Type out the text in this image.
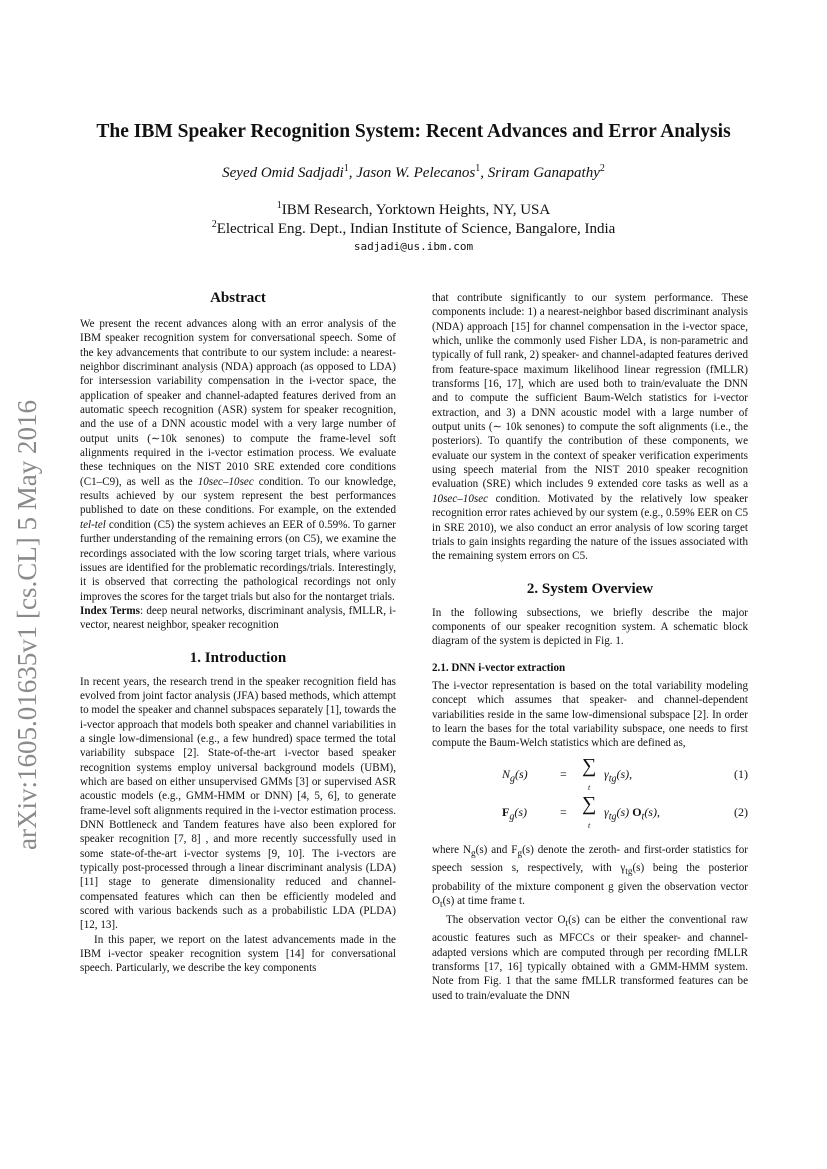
arXiv:1605.01635v1 [cs.CL] 5 May 2016
The IBM Speaker Recognition System: Recent Advances and Error Analysis
Seyed Omid Sadjadi$^1$, Jason W. Pelecanos$^1$, Sriram Ganapathy$^2$
$^1$IBM Research, Yorktown Heights, NY, USA
$^2$Electrical Eng. Dept., Indian Institute of Science, Bangalore, India
sadjadi@us.ibm.com
Abstract

We present the recent advances along with an error analysis of the IBM speaker recognition system for conversational speech. Some of the key advancements that contribute to our system include: a nearest-neighbor discriminant analysis (NDA) approach (as opposed to LDA) for intersession variability compensation in the i-vector space, the application of speaker and channel-adapted features derived from an automatic speech recognition (ASR) system for speaker recognition, and the use of a DNN acoustic model with a very large number of output units (∼10k senones) to compute the frame-level soft alignments required in the i-vector estimation process. We evaluate these techniques on the NIST 2010 SRE extended core conditions (C1–C9), as well as the 10sec–10sec condition. To our knowledge, results achieved by our system represent the best performances published to date on these conditions. For example, on the extended tel-tel condition (C5) the system achieves an EER of 0.59%. To garner further understanding of the remaining errors (on C5), we examine the recordings associated with the low scoring target trials, where various issues are identified for the problematic recordings/trials. Interestingly, it is observed that correcting the pathological recordings not only improves the scores for the target trials but also for the nontarget trials.

Index Terms: deep neural networks, discriminant analysis, fMLLR, i-vector, nearest neighbor, speaker recognition

1. Introduction

In recent years, the research trend in the speaker recognition field has evolved from joint factor analysis (JFA) based methods, which attempt to model the speaker and channel subspaces separately [1], towards the i-vector approach that models both speaker and channel variabilities in a single low-dimensional (e.g., a few hundred) space termed the total variability subspace [2]. State-of-the-art i-vector based speaker recognition systems employ universal background models (UBM), which are based on either unsupervised GMMs [3] or supervised ASR acoustic models (e.g., GMM-HMM or DNN) [4, 5, 6], to generate frame-level soft alignments required in the i-vector estimation process. DNN Bottleneck and Tandem features have also been explored for speaker recognition [7, 8] , and more recently successfully used in some state-of-the-art i-vector systems [9, 10]. The i-vectors are typically post-processed through a linear discriminant analysis (LDA) [11] stage to generate dimensionality reduced and channel-compensated features which can then be efficiently modeled and scored with various backends such as a probabilistic LDA (PLDA) [12, 13].

In this paper, we report on the latest advancements made in the IBM i-vector speaker recognition system [14] for conversational speech. Particularly, we describe the key components

that contribute significantly to our system performance. These components include: 1) a nearest-neighbor based discriminant analysis (NDA) approach [15] for channel compensation in the i-vector space, which, unlike the commonly used Fisher LDA, is non-parametric and typically of full rank, 2) speaker- and channel-adapted features derived from feature-space maximum likelihood linear regression (fMLLR) transforms [16, 17], which are used both to train/evaluate the DNN and to compute the sufficient Baum-Welch statistics for i-vector extraction, and 3) a DNN acoustic model with a large number of output units (∼ 10k senones) to compute the soft alignments (i.e., the posteriors). To quantify the contribution of these components, we evaluate our system in the context of speaker verification experiments using speech material from the NIST 2010 speaker recognition evaluation (SRE) which includes 9 extended core tasks as well as a 10sec–10sec condition. Motivated by the relatively low speaker recognition error rates achieved by our system (e.g., 0.59% EER on C5 in SRE 2010), we also conduct an error analysis of low scoring target trials to gain insights regarding the nature of the issues associated with the remaining system errors on C5.

2. System Overview

In the following subsections, we briefly describe the major components of our speaker recognition system. A schematic block diagram of the system is depicted in Fig. 1.

2.1. DNN i-vector extraction

The i-vector representation is based on the total variability modeling concept which assumes that speaker- and channel-dependent variabilities reside in the same low-dimensional subspace [2]. In order to learn the bases for the total variability subspace, one needs to first compute the Baum-Welch statistics which are defined as,

$N_g(s)$	= ∑
t
$\gamma_{tg}(s)$,	(1)
$F_g(s)$	= ∑
t
$\gamma_{tg}(s)$ $O_t(s)$,	(2)

where $N_g(s)$ and $F_g(s)$ denote the zeroth- and first-order statistics for speech session s, respectively, with $\gamma_{tg}(s)$ being the posterior probability of the mixture component g given the observation vector $O_t(s)$ at time frame t.

The observation vector $O_t(s)$ can be either the conventional raw acoustic features such as MFCCs or their speaker- and channel-adapted versions which are computed through per recording fMLLR transforms [17, 16] typically obtained with a GMM-HMM system. Note from Fig. 1 that the same fMLLR transformed features can be used to train/evaluate the DNN
